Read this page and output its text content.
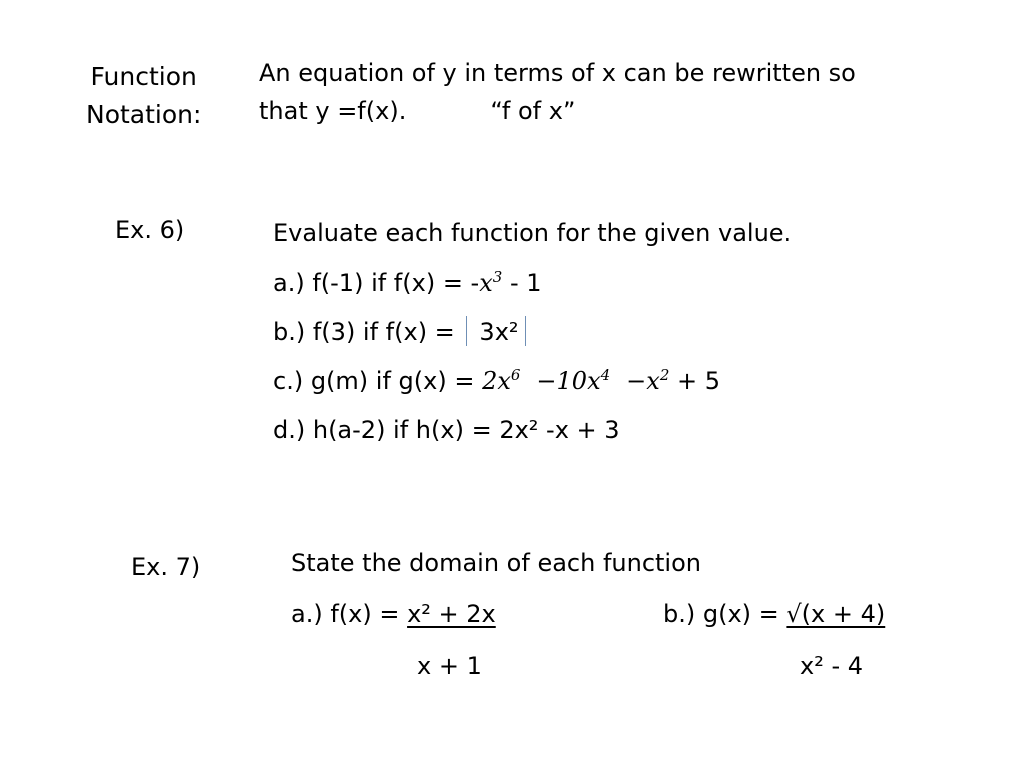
Function
Notation:
An equation of y in terms of x can be rewritten so
that y =f(x).	“f of x”
Ex. 6)	Evaluate each function for the given value.
a.) f(-1) if $f(x) = -x^3 - 1$
b.) f(3) if f(x) = 3x²
c.) g(m) if $g(x) = 2x^6 -10x^4 -x^2 + 5$
d.) h(a-2) if h(x) = 2x² -x + 3
Ex. 7)	State the domain of each function
a.) f(x) = x² + 2x
x + 1
b.) g(x) = √(x + 4)
x² - 4
